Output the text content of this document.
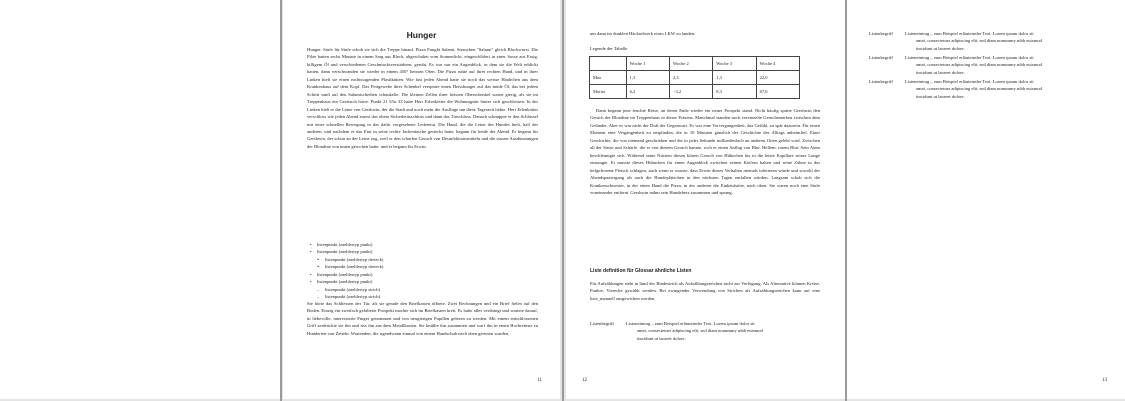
Hunger

Hunger. Stufe für Stufe schob sie sich die Treppe hinauf. Pizza Funghi Salami, Sternchen "Salami" gleich Blockwurst. Die Pilze hatten sechs Monate in einem Sarg aus Blech, abgeschaltet vom Sonnenlicht, eingeschläfert in einer Sosse aus Essig, billigem Öl und verschiedenen Geschmacksverstärkern, geruht. Es war nur ein Augenblick, in dem sie die Welt erblickt hatten, dann verschwanden sie wieder in einem 450° heissen Ofen. Die Pizza ruhte auf ihrer rechten Hand, und in ihrer Linken hielt sie einen nichtssagenden Plastiktüten. Wie fast jeden Abend hatte sie noch das weisse Häubchen aus dem Krankenhaus auf dem Kopf. Das Fettgewebe ihrer Schenkel verspürte einen Heisshunger auf das müde Öl, das bei jedem Schritt sanft auf den Salamischeiben schaukelte. Die kleinen Zellen ihrer heissen Oberschenkel waren gierig, als sie im Treppenhaus ein Geräusch hörte. Punkt 21 Uhr 33 hatte Herr Erlenkötter die Wohnungstür hinter sich geschlossen. In der Linken hielt er die Leine von Gershwin, der die Stadt und noch mehr die Ausflüge um diese Tageszeit liebte. Herr Erlenkötter verschloss wie jeden Abend zuerst das obere Sicherheitsschloss und dann das Türschloss. Danach schnuppte er den Schlüssel mit einer schnellen Bewegung in das dafür vorgesehene Lederetui. Die Hand, die die Leine des Hundes hielt, half der anderen, und nachdem er das Etui in seine rechte Jackentasche gesteckt hatte, begann für beide der Abend. Er begann für Gershwin, der schon an der Leine zog, weil er den scharfen Geruch von Desinfektionsmitteln und die süssen Ausdünstungen der Blondine von unten gerochen hatte, und er begann für Erwin.

•	listenpunkt (zaehlertyp punkt)
•	listenpunkt (zaehlertyp punkt)
‣	listenpunkt (zaehlertyp dreieck)
‣	listenpunkt (zaehlertyp dreieck)
•	listenpunkt (zaehlertyp punkt)
•	listenpunkt (zaehlertyp punkt)
–	listenpunkt (zaehlertyp strich)
–	listenpunkt (zaehlertyp strich)

Sie hörte das Schliessen der Tür, als sie gerade den Briefkasten öffnete. Zwei Rechnungen und ein Brief fielen auf den Boden. Einzig ein zweifach gefalteter Prospekt machte sich im Briefkasten breit. Es hatte alles verdrängt und wartete darauf, in liebevolle, interessierte Finger genommen und von neugierigen Pupillen gelesen zu werden. Mit einem entschlossenen Griff zerdrückte sie ihn und riss ihn aus dem Metallkasten. Sie knüllte ihn zusammen und warf ihn in einen Hochreimer zu Hunderten von Zetteln. Wartenden, die irgendwann einmal von einem Handschuh nach oben gerissen wurden,

11

um dann im dunklen Häckselwerk eines LKW zu landen.

Legende der Tabelle
	Woche 1	Woche 2	Woche 3	Woche 4
Max	1,3	2,3	1,3	22,0
Moritz	6,2	−3,2	8,3	67,6

Dann begann jene feuchte Reise, an deren Ende wieder ein neuer Prospekt stand. Nicht häufig spürte Gershwin den Geruch der Blondine im Treppenhaus in dieser Präsenz. Manchmal standen noch vereinzelte Geruchsmarken zwischen dem Geländer. Aber es war nicht der Duft der Gegenwart. Es war eine Vorvergangenheit, das Gefühl, zu spät dazusein. Für einen Moment eine Vergangenheit zu empfinden, die in 10 Minuten gänzlich der Geschichte des Alltags anheimfiel. Einer Geschichte, die von niemand geschrieben und die in jeder Sekunde milliardenfach an anderen Orten gelebt wird. Zwischen all der Süsse und Schärfe, die er von diesem Geruch kannte, roch er einen Anflug von Blut. Hellem, rotem Blut. Sein Atem beschleunigte sich. Während seine Nüstern diesen klaren Geruch von Hühnchen bis in die letzte Kapillare seiner Lunge einsaugte. Er musste dieses Hühnchen für einen Augenblick zwischen seinen Kiefern halten und seine Zähne in das tiefgefrorene Fleisch schlagen, auch wenn er wusste, dass Erwin dieses Verhalten niemals tolerieren würde und sowohl der Abendspaziergang als auch die Hundeplätzchen in den nächsten Tagen entfallen würden. Langsam schob sich die Krankenschwester, in der einen Hand die Pizza, in der anderen die Einkaufstüte, nach oben. Sie waren noch eine Stufe voneinander entfernt. Gershwin nahm sein Hundeherz zusammen und sprang.

Liste definition für Glossar ähnliche Listen

Für Aufzählungen steht in html der Bindestrich als Aufzählungszeichen nicht zur Verfügung. Als Alternative können Kreise, Punkte, Vierecke gewählt werden. Bei zwingender Verwendung von Strichen als Aufzählungszeichen kann auf eine liste_manuell ausgewichen werden.

Listenbegriff	Listeneintrag – zum Beispiel erläuternder Text. Lorem ipsum dolor sit
amet, consectetuer adipiscing elit, sed diam nonummy nibh euismod
tincidunt ut laoreet dolore.
12
Listenbegriff	Listeneintrag – zum Beispiel erläuternder Text. Lorem ipsum dolor sit
amet, consectetuer adipiscing elit, sed diam nonummy nibh euismod
tincidunt ut laoreet dolore.
Listenbegriff	Listeneintrag – zum Beispiel erläuternder Text. Lorem ipsum dolor sit
amet, consectetuer adipiscing elit, sed diam nonummy nibh euismod
tincidunt ut laoreet dolore.
Listenbegriff	Listeneintrag – zum Beispiel erläuternder Text. Lorem ipsum dolor sit
amet, consectetuer adipiscing elit, sed diam nonummy nibh euismod
tincidunt ut laoreet dolore.
13
